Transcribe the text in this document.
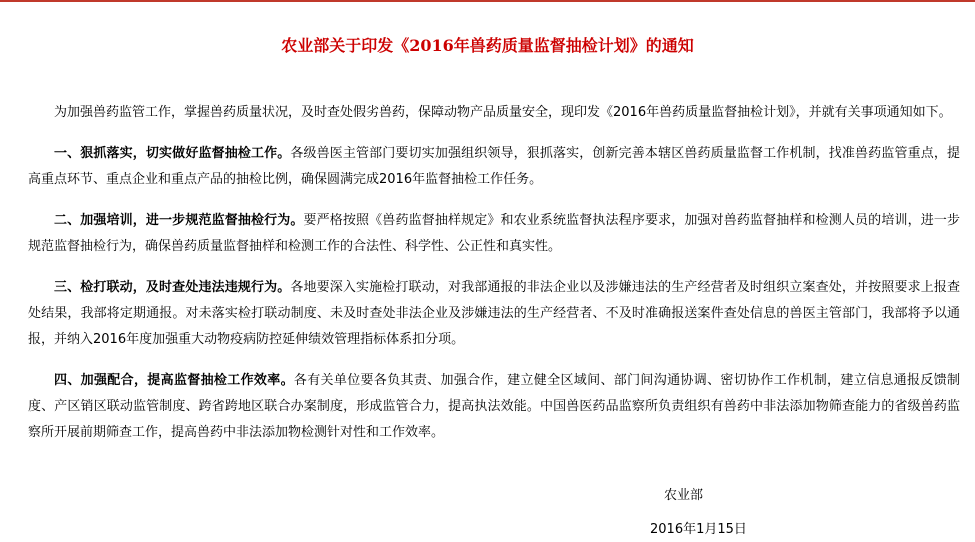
农业部关于印发《2016年兽药质量监督抽检计划》的通知

为加强兽药监管工作，掌握兽药质量状况，及时查处假劣兽药，保障动物产品质量安全，现印发《2016年兽药质量监督抽检计划》，并就有关事项通知如下。

一、狠抓落实，切实做好监督抽检工作。各级兽医主管部门要切实加强组织领导，狠抓落实，创新完善本辖区兽药质量监督工作机制，找准兽药监管重点，提高重点环节、重点企业和重点产品的抽检比例，确保圆满完成2016年监督抽检工作任务。

二、加强培训，进一步规范监督抽检行为。要严格按照《兽药监督抽样规定》和农业系统监督执法程序要求，加强对兽药监督抽样和检测人员的培训，进一步规范监督抽检行为，确保兽药质量监督抽样和检测工作的合法性、科学性、公正性和真实性。

三、检打联动，及时查处违法违规行为。各地要深入实施检打联动，对我部通报的非法企业以及涉嫌违法的生产经营者及时组织立案查处，并按照要求上报查处结果，我部将定期通报。对未落实检打联动制度、未及时查处非法企业及涉嫌违法的生产经营者、不及时准确报送案件查处信息的兽医主管部门，我部将予以通报，并纳入2016年度加强重大动物疫病防控延伸绩效管理指标体系扣分项。

四、加强配合，提高监督抽检工作效率。各有关单位要各负其责、加强合作，建立健全区域间、部门间沟通协调、密切协作工作机制，建立信息通报反馈制度、产区销区联动监管制度、跨省跨地区联合办案制度，形成监管合力，提高执法效能。中国兽医药品监察所负责组织有兽药中非法添加物筛查能力的省级兽药监察所开展前期筛查工作，提高兽药中非法添加物检测针对性和工作效率。

农业部
2016年1月15日
